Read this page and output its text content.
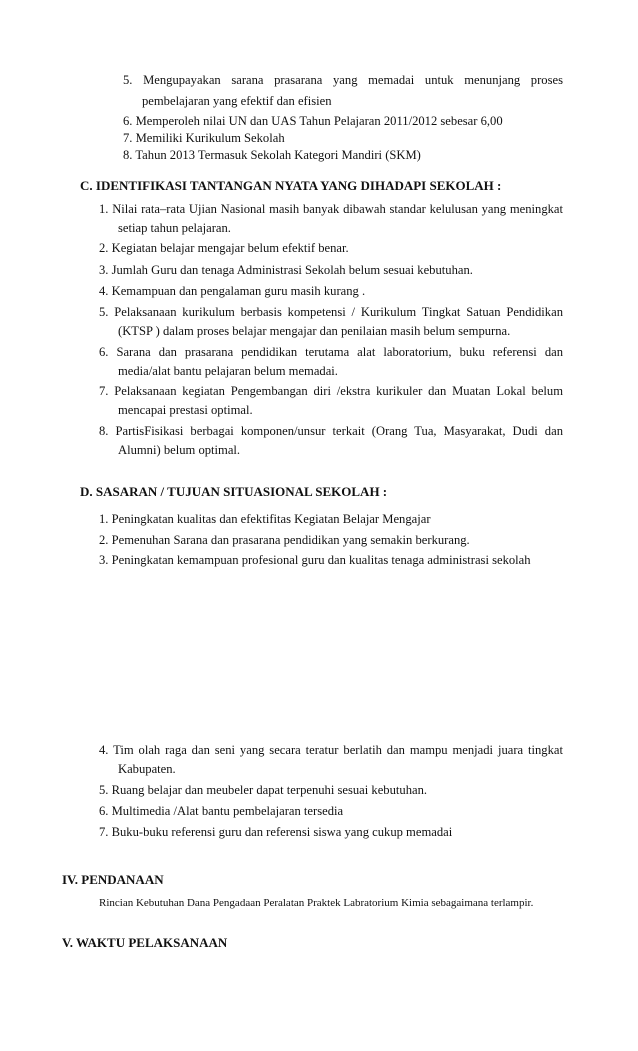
5. Mengupayakan sarana prasarana yang memadai untuk menunjang proses
pembelajaran yang efektif dan efisien
6. Memperoleh nilai UN dan UAS Tahun Pelajaran 2011/2012 sebesar 6,00
7. Memiliki Kurikulum Sekolah
8. Tahun 2013 Termasuk Sekolah Kategori Mandiri (SKM)
C. IDENTIFIKASI TANTANGAN NYATA YANG DIHADAPI SEKOLAH :
1. Nilai rata–rata Ujian Nasional masih banyak dibawah standar kelulusan yang meningkat
setiap tahun pelajaran.
2. Kegiatan belajar mengajar belum efektif benar.
3. Jumlah Guru dan tenaga Administrasi Sekolah belum sesuai kebutuhan.
4. Kemampuan dan pengalaman guru masih kurang .
5. Pelaksanaan kurikulum berbasis kompetensi / Kurikulum Tingkat Satuan Pendidikan
(KTSP ) dalam proses belajar mengajar dan penilaian masih belum sempurna.
6. Sarana dan prasarana pendidikan terutama alat laboratorium, buku referensi dan
media/alat bantu pelajaran belum memadai.
7. Pelaksanaan kegiatan Pengembangan diri /ekstra kurikuler dan Muatan Lokal belum
mencapai prestasi optimal.
8. PartisFisikasi berbagai komponen/unsur terkait (Orang Tua, Masyarakat, Dudi dan
Alumni) belum optimal.
D. SASARAN / TUJUAN SITUASIONAL SEKOLAH :
1. Peningkatan kualitas dan efektifitas Kegiatan Belajar Mengajar
2. Pemenuhan Sarana dan prasarana pendidikan yang semakin berkurang.
3. Peningkatan kemampuan profesional guru dan kualitas tenaga administrasi sekolah
4. Tim olah raga dan seni yang secara teratur berlatih dan mampu menjadi juara tingkat
Kabupaten.
5. Ruang belajar dan meubeler dapat terpenuhi sesuai kebutuhan.
6. Multimedia /Alat bantu pembelajaran tersedia
7. Buku-buku referensi guru dan referensi siswa yang cukup memadai
IV. PENDANAAN
Rincian Kebutuhan Dana Pengadaan Peralatan Praktek Labratorium Kimia sebagaimana terlampir.
V. WAKTU PELAKSANAAN
